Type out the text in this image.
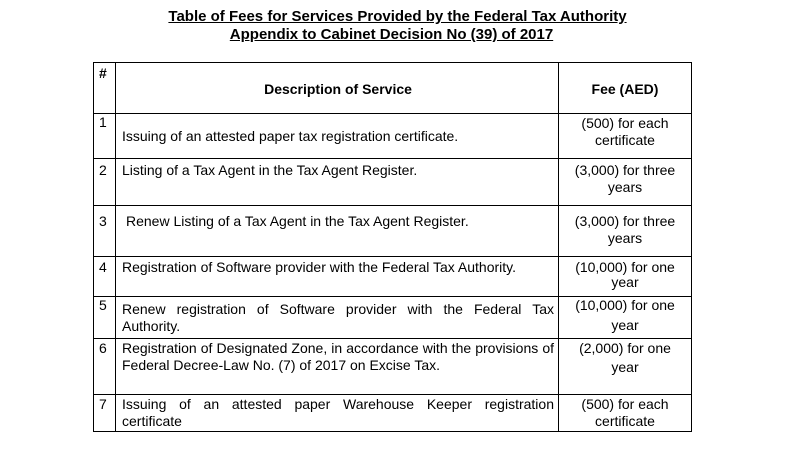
Table of Fees for Services Provided by the Federal Tax Authority
Appendix to Cabinet Decision No (39) of 2017
#	Description of Service	Fee (AED)
1	Issuing of an attested paper tax registration certificate.	(500) for each
certificate

2	Listing of a Tax Agent in the Tax Agent Register.	(3,000) for three
years

3	Renew Listing of a Tax Agent in the Tax Agent Register.	(3,000) for three
years

4	Registration of Software provider with the Federal Tax Authority.	(10,000) for one
year

5	Renew registration of Software provider with the Federal Tax Authority.	(10,000) for one
year

6	Registration of Designated Zone, in accordance with the provisions of Federal Decree-Law No. (7) of 2017 on Excise Tax.	(2,000) for one
year

7	Issuing of an attested paper Warehouse Keeper registration certificate	(500) for each
certificate
